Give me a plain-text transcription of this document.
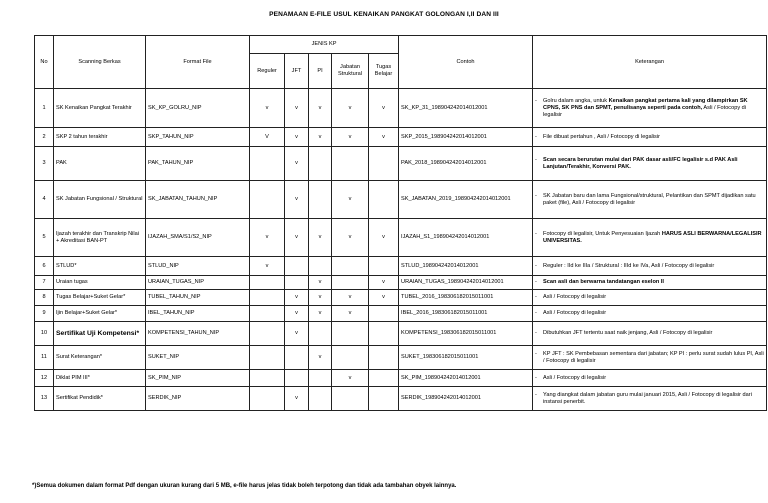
PENAMAAN E-FILE USUL KENAIKAN PANGKAT GOLONGAN I,II DAN III
No	Scanning Berkas	Format File	JENIS KP					Contoh	Keterangan
			Reguler	JFT	PI	Jabatan Struktural	Tugas Belajar		
1	SK Kenaikan Pangkat Terakhir	SK_KP_GOLRU_NIP	v	v	v	v	v	SK_KP_31_198904242014012001	- Golru dalam angka, untuk Kenaikan pangkat pertama kali yang dilampirkan SK CPNS, SK PNS dan SPMT, penulisanya seperti pada contoh, Asli / Fotocopy di legalisir

2	SKP 2 tahun terakhir	SKP_TAHUN_NIP	V	v	v	v	v	SKP_2015_198904242014012001	- File dibuat pertahun , Asli / Fotocopy di legalisir

3	PAK	PAK_TAHUN_NIP		v				PAK_2018_198904242014012001	- Scan secara berurutan mulai dari PAK dasar asli/FC legalisir s.d PAK Asli Lanjutan/Terakhir, Konversi PAK.

4	SK Jabatan Fungsional / Struktural	SK_JABATAN_TAHUN_NIP		v		v		SK_JABATAN_2019_198904242014012001	- SK Jabatan baru dan lama Fungsional/struktural, Pelantikan dan SPMT dijadikan satu paket (file), Asli / Fotocopy di legalisir

5	Ijazah terakhir dan Transkrip Nilai + Akreditasi BAN-PT	IJAZAH_SMA/S1/S2_NIP	v	v	v	v	v	IJAZAH_S1_198904242014012001	- Fotocopy di legalisir, Untuk Penyesuaian Ijazah HARUS ASLI BERWARNA/LEGALISIR UNIVERSITAS.

6	STLUD*	STLUD_NIP	v					STLUD_198904242014012001	- Reguler : IId ke IIIa / Struktural : IIId ke IVa, Asli / Fotocopy di legalisir

7	Uraian tugas	URAIAN_TUGAS_NIP			v		v	URAIAN_TUGAS_198904242014012001	- Scan asli dan berwarna tandatangan eselon II

8	Tugas Belajar+Suket Gelar*	TUBEL_TAHUN_NIP		v	v	v	v	TUBEL_2016_198306182015011001	- Asli / Fotocopy di legalisir

9	Ijin Belajar+Suket Gelar*	IBEL_TAHUN_NIP		v	v	v		IBEL_2016_198306182015011001	- Asli / Fotocopy di legalisir

10	Sertifikat Uji Kompetensi*	KOMPETENSI_TAHUN_NIP		v				KOMPETENSI_198306182015011001	- Dibutuhkan JFT tertentu saat naik jenjang, Asli / Fotocopy di legalisir

11	Surat Keterangan*	SUKET_NIP			v			SUKET_198306182015011001	- KP JFT : SK Pembebasan sementara dari jabatan; KP PI : perlu surat sudah lulus PI, Asli / Fotocopy di legalisir

12	Diklat PIM III*	SK_PIM_NIP				v		SK_PIM_198904242014012001	- Asli / Fotocopy di legalisir

13	Sertifikat Pendidik*	SERDIK_NIP		v				SERDIK_198904242014012001	- Yang diangkat dalam jabatan guru mulai januari 2015, Asli / Fotocopy di legalisir dari instansi penerbit.
*)Semua dokumen dalam format Pdf dengan ukuran kurang dari 5 MB, e-file harus jelas tidak boleh terpotong dan tidak ada tambahan obyek lainnya.
